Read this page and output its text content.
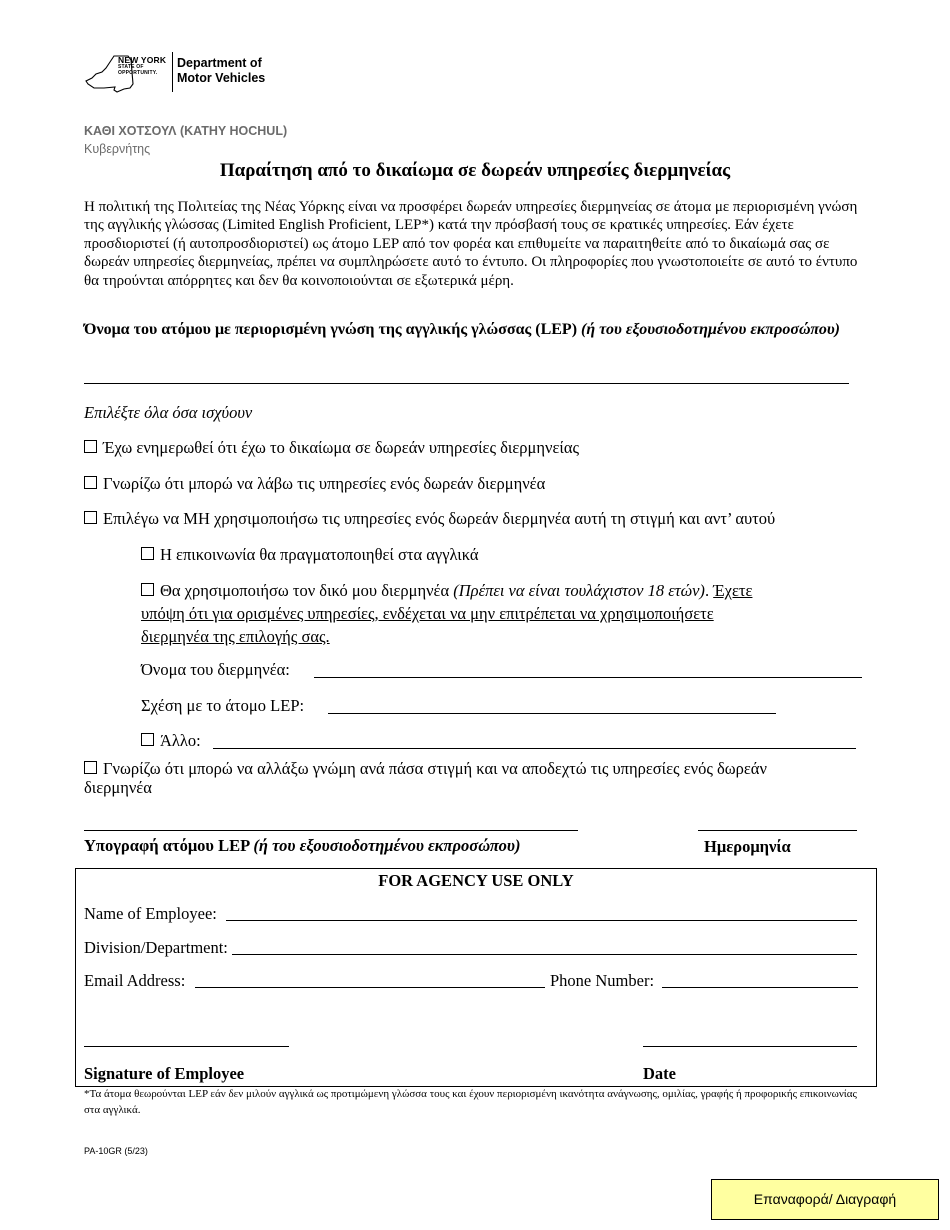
NEW YORK
STATE OF
OPPORTUNITY.
Department of
Motor Vehicles
ΚΑΘΙ ΧΟΤΣΟΥΛ (KATHY HOCHUL)
Κυβερνήτης
Παραίτηση από το δικαίωμα σε δωρεάν υπηρεσίες διερμηνείας
Η πολιτική της Πολιτείας της Νέας Υόρκης είναι να προσφέρει δωρεάν υπηρεσίες διερμηνείας σε άτομα με περιορισμένη γνώση της αγγλικής γλώσσας (Limited English Proficient, LEP*) κατά την πρόσβασή τους σε κρατικές υπηρεσίες. Εάν έχετε προσδιοριστεί (ή αυτοπροσδιοριστεί) ως άτομο LEP από τον φορέα και επιθυμείτε να παραιτηθείτε από το δικαίωμά σας σε δωρεάν υπηρεσίες διερμηνείας, πρέπει να συμπληρώσετε αυτό το έντυπο. Οι πληροφορίες που γνωστοποιείτε σε αυτό το έντυπο θα τηρούνται απόρρητες και δεν θα κοινοποιούνται σε εξωτερικά μέρη.
Όνομα του ατόμου με περιορισμένη γνώση της αγγλικής γλώσσας (LEP) (ή του εξουσιοδοτημένου εκπροσώπου)
Επιλέξτε όλα όσα ισχύουν
Έχω ενημερωθεί ότι έχω το δικαίωμα σε δωρεάν υπηρεσίες διερμηνείας
Γνωρίζω ότι μπορώ να λάβω τις υπηρεσίες ενός δωρεάν διερμηνέα
Επιλέγω να ΜΗ χρησιμοποιήσω τις υπηρεσίες ενός δωρεάν διερμηνέα αυτή τη στιγμή και αντ’ αυτού
Η επικοινωνία θα πραγματοποιηθεί στα αγγλικά
Θα χρησιμοποιήσω τον δικό μου διερμηνέα (Πρέπει να είναι τουλάχιστον 18 ετών). Έχετε
υπόψη ότι για ορισμένες υπηρεσίες, ενδέχεται να μην επιτρέπεται να χρησιμοποιήσετε
διερμηνέα της επιλογής σας.
Όνομα του διερμηνέα:
Σχέση με το άτομο LEP:
Άλλο:
Γνωρίζω ότι μπορώ να αλλάξω γνώμη ανά πάσα στιγμή και να αποδεχτώ τις υπηρεσίες ενός δωρεάν
διερμηνέα
Υπογραφή ατόμου LEP (ή του εξουσιοδοτημένου εκπροσώπου)	Ημερομηνία
FOR AGENCY USE ONLY
Name of Employee:
Division/Department:
Email Address:	Phone Number:
Signature of Employee	Date
*Τα άτομα θεωρούνται LEP εάν δεν μιλούν αγγλικά ως προτιμώμενη γλώσσα τους και έχουν περιορισμένη ικανότητα ανάγνωσης, ομιλίας, γραφής ή προφορικής επικοινωνίας στα αγγλικά.
PA-10GR (5/23)
Επαναφορά/ Διαγραφή
